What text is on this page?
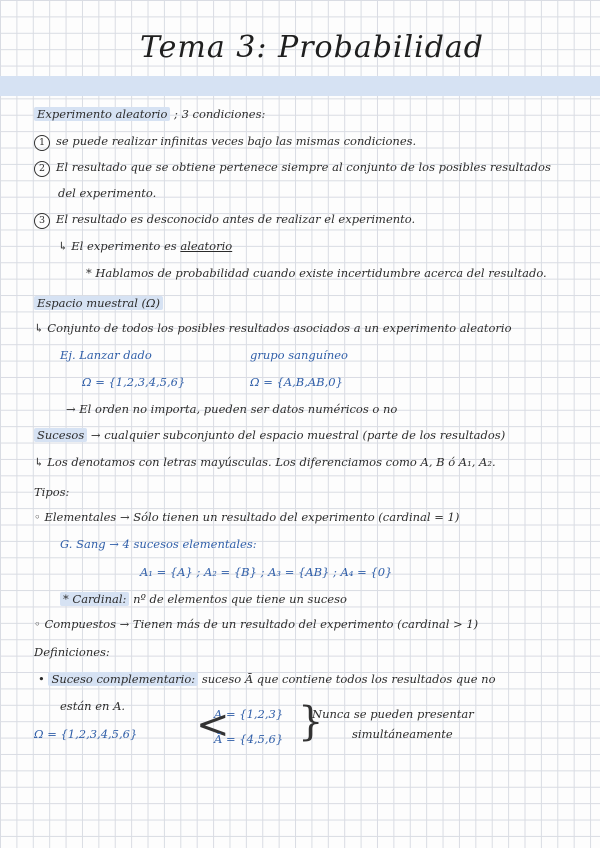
Tema 3: Probabilidad
Experimento aleatorio ; 3 condiciones:
1 se puede realizar infinitas veces bajo las mismas condiciones.
2 El resultado que se obtiene pertenece siempre al conjunto de los posibles resultados
del experimento.
3 El resultado es desconocido antes de realizar el experimento.
↳ El experimento es aleatorio
* Hablamos de probabilidad cuando existe incertidumbre acerca del resultado.
Espacio muestral (Ω)
↳ Conjunto de todos los posibles resultados asociados a un experimento aleatorio
Ej. Lanzar dado	grupo sanguíneo
Ω = {1,2,3,4,5,6}	Ω = {A,B,AB,0}
→ El orden no importa, pueden ser datos numéricos o no
Sucesos → cualquier subconjunto del espacio muestral (parte de los resultados)
↳ Los denotamos con letras mayúsculas. Los diferenciamos como A, B ó A₁, A₂.
Tipos:
◦ Elementales → Sólo tienen un resultado del experimento (cardinal = 1)
G. Sang → 4 sucesos elementales:
A₁ = {A} ; A₂ = {B} ; A₃ = {AB} ; A₄ = {0}
* Cardinal: nº de elementos que tiene un suceso
◦ Compuestos → Tienen más de un resultado del experimento (cardinal > 1)
Definiciones:
• Suceso complementario: suceso Ā que contiene todos los resultados que no
están en A.
A = {1,2,3}
Ω = {1,2,3,4,5,6} <
Ā = {4,5,6} }
Nunca se pueden presentar
simultáneamente
